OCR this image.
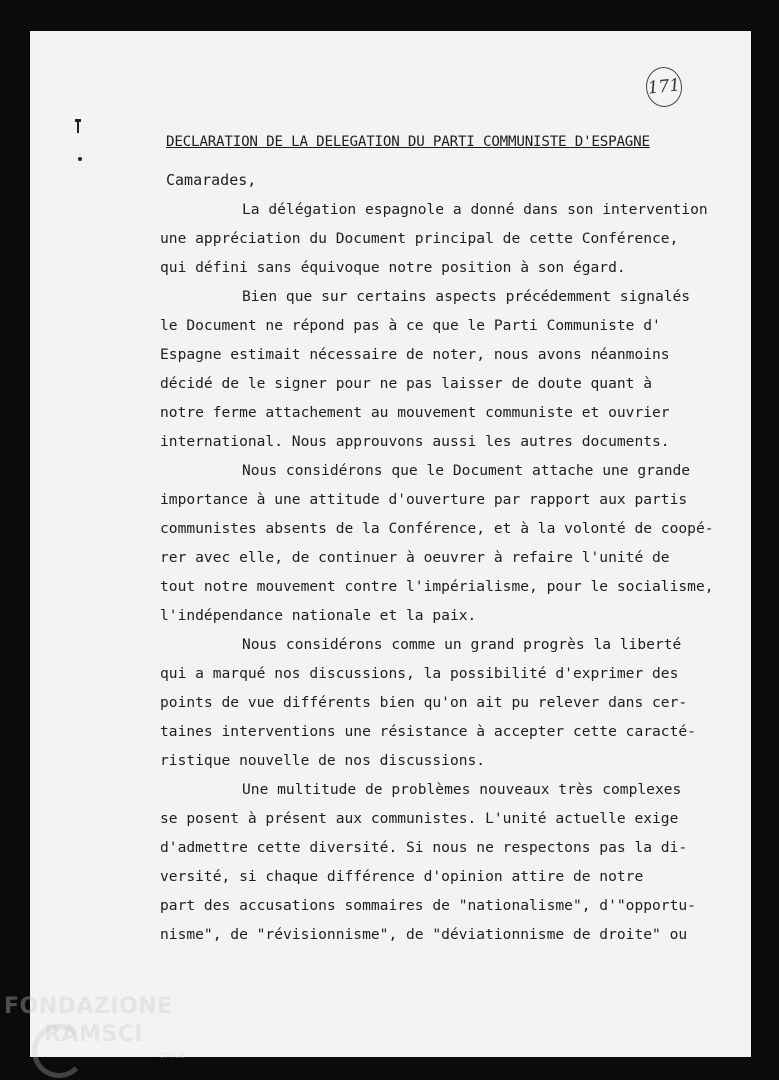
171
DECLARATION DE LA DELEGATION DU PARTI COMMUNISTE D'ESPAGNE
Camarades,
La délégation espagnole a donné dans son intervention
une appréciation du Document principal de cette Conférence,
qui défini sans équivoque notre position à son égard.
Bien que sur certains aspects précédemment signalés
le Document ne répond pas à ce que le Parti Communiste d'
Espagne estimait nécessaire de noter, nous avons néanmoins
décidé de le signer pour ne pas laisser de doute quant à
notre ferme attachement au mouvement communiste et ouvrier
international. Nous approuvons aussi les autres documents.
Nous considérons que le Document attache une grande
importance à une attitude d'ouverture par rapport aux partis
communistes absents de la Conférence, et à la volonté de coopé-
rer avec elle, de continuer à oeuvrer à refaire l'unité de
tout notre mouvement contre l'impérialisme, pour le socialisme,
l'indépendance nationale et la paix.
Nous considérons comme un grand progrès la liberté
qui a marqué nos discussions, la possibilité d'exprimer des
points de vue différents bien qu'on ait pu relever dans cer-
taines interventions une résistance à accepter cette caracté-
ristique nouvelle de nos discussions.
Une multitude de problèmes nouveaux très complexes
se posent à présent aux communistes. L'unité actuelle exige
d'admettre cette diversité. Si nous ne respectons pas la di-
versité, si chaque différence d'opinion attire de notre
part des accusations sommaires de "nationalisme", d'"opportu-
nisme", de "révisionnisme", de "déviationnisme de droite" ou
FONDAZIONE
RAMSCI
onlus
